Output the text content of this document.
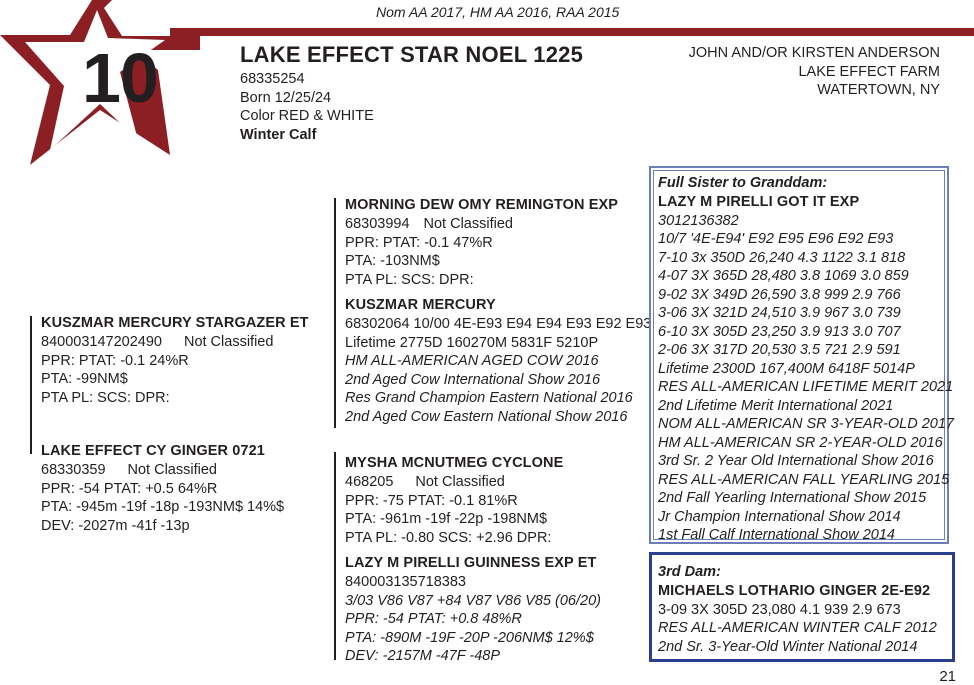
Nom AA 2017, HM AA 2016, RAA 2015
10	LAKE EFFECT STAR NOEL 1225
68335254
Born 12/25/24
Color RED & WHITE
Winter Calf
JOHN AND/OR KIRSTEN ANDERSON
LAKE EFFECT FARM
WATERTOWN, NY
KUSZMAR MERCURY STARGAZER ET
840003147202490 Not Classified
PPR: PTAT: -0.1 24%R
PTA: -99NM$
PTA PL: SCS: DPR:
LAKE EFFECT CY GINGER 0721
68330359 Not Classified
PPR: -54 PTAT: +0.5 64%R
PTA: -945m -19f -18p -193NM$ 14%$
DEV: -2027m -41f -13p
MORNING DEW OMY REMINGTON EXP
68303994 Not Classified
PPR: PTAT: -0.1 47%R
PTA: -103NM$
PTA PL: SCS: DPR:
KUSZMAR MERCURY
68302064 10/00 4E-E93 E94 E94 E93 E92 E93
Lifetime 2775D 160270M 5831F 5210P
HM ALL-AMERICAN AGED COW 2016
2nd Aged Cow International Show 2016
Res Grand Champion Eastern National 2016
2nd Aged Cow Eastern National Show 2016
MYSHA MCNUTMEG CYCLONE
468205 Not Classified
PPR: -75 PTAT: -0.1 81%R
PTA: -961m -19f -22p -198NM$
PTA PL: -0.80 SCS: +2.96 DPR:
LAZY M PIRELLI GUINNESS EXP ET
840003135718383
3/03 V86 V87 +84 V87 V86 V85 (06/20)
PPR: -54 PTAT: +0.8 48%R
PTA: -890M -19F -20P -206NM$ 12%$
DEV: -2157M -47F -48P
Full Sister to Granddam:
LAZY M PIRELLI GOT IT EXP
3012136382
10/7 '4E-E94' E92 E95 E96 E92 E93
7-10 3x 350D 26,240 4.3 1122 3.1 818
4-07 3X 365D 28,480 3.8 1069 3.0 859
9-02 3X 349D 26,590 3.8 999 2.9 766
3-06 3X 321D 24,510 3.9 967 3.0 739
6-10 3X 305D 23,250 3.9 913 3.0 707
2-06 3X 317D 20,530 3.5 721 2.9 591
Lifetime 2300D 167,400M 6418F 5014P
RES ALL-AMERICAN LIFETIME MERIT 2021
2nd Lifetime Merit International 2021
NOM ALL-AMERICAN SR 3-YEAR-OLD 2017
HM ALL-AMERICAN SR 2-YEAR-OLD 2016
3rd Sr. 2 Year Old International Show 2016
RES ALL-AMERICAN FALL YEARLING 2015
2nd Fall Yearling International Show 2015
Jr Champion International Show 2014
1st Fall Calf International Show 2014
3rd Dam:
MICHAELS LOTHARIO GINGER 2E-E92
3-09 3X 305D 23,080 4.1 939 2.9 673
RES ALL-AMERICAN WINTER CALF 2012
2nd Sr. 3-Year-Old Winter National 2014
21
